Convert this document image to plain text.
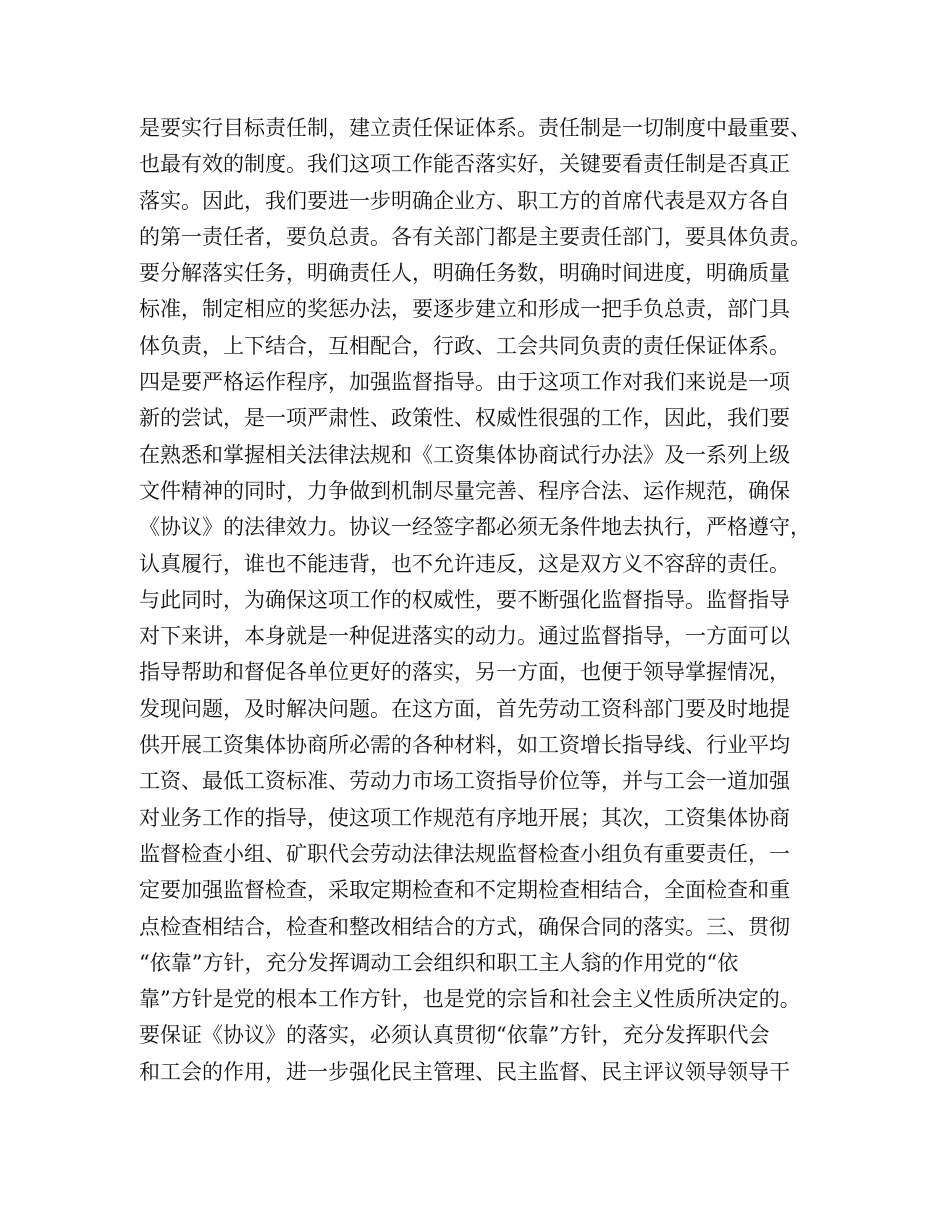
是要实行目标责任制，建立责任保证体系。责任制是一切制度中最重要、
也最有效的制度。我们这项工作能否落实好，关键要看责任制是否真正
落实。因此，我们要进一步明确企业方、职工方的首席代表是双方各自
的第一责任者，要负总责。各有关部门都是主要责任部门，要具体负责。
要分解落实任务，明确责任人，明确任务数，明确时间进度，明确质量
标准，制定相应的奖惩办法，要逐步建立和形成一把手负总责，部门具
体负责，上下结合，互相配合，行政、工会共同负责的责任保证体系。
四是要严格运作程序，加强监督指导。由于这项工作对我们来说是一项
新的尝试，是一项严肃性、政策性、权威性很强的工作，因此，我们要
在熟悉和掌握相关法律法规和《工资集体协商试行办法》及一系列上级
文件精神的同时，力争做到机制尽量完善、程序合法、运作规范，确保
《协议》的法律效力。协议一经签字都必须无条件地去执行，严格遵守，
认真履行，谁也不能违背，也不允许违反，这是双方义不容辞的责任。
与此同时，为确保这项工作的权威性，要不断强化监督指导。监督指导
对下来讲，本身就是一种促进落实的动力。通过监督指导，一方面可以
指导帮助和督促各单位更好的落实，另一方面，也便于领导掌握情况，
发现问题，及时解决问题。在这方面，首先劳动工资科部门要及时地提
供开展工资集体协商所必需的各种材料，如工资增长指导线、行业平均
工资、最低工资标准、劳动力市场工资指导价位等，并与工会一道加强
对业务工作的指导，使这项工作规范有序地开展；其次，工资集体协商
监督检查小组、矿职代会劳动法律法规监督检查小组负有重要责任，一
定要加强监督检查，采取定期检查和不定期检查相结合，全面检查和重
点检查相结合，检查和整改相结合的方式，确保合同的落实。三、贯彻
“依靠”方针，充分发挥调动工会组织和职工主人翁的作用党的“依
靠”方针是党的根本工作方针，也是党的宗旨和社会主义性质所决定的。
要保证《协议》的落实，必须认真贯彻“依靠”方针，充分发挥职代会
和工会的作用，进一步强化民主管理、民主监督、民主评议领导领导干
